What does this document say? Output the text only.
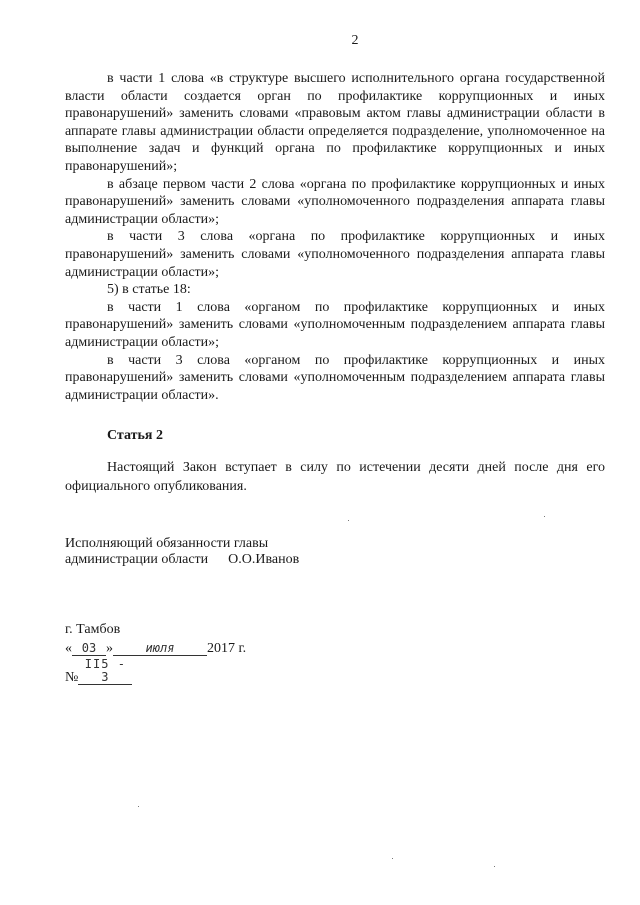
2

в части 1 слова «в структуре высшего исполнительного органа государственной власти области создается орган по профилактике коррупционных и иных правонарушений» заменить словами «правовым актом главы администрации области в аппарате главы администрации области определяется подразделение, уполномоченное на выполнение задач и функций органа по профилактике коррупционных и иных правонарушений»;

в абзаце первом части 2 слова «органа по профилактике коррупционных и иных правонарушений» заменить словами «уполномоченного подразделения аппарата главы администрации области»;

в части 3 слова «органа по профилактике коррупционных и иных правонарушений» заменить словами «уполномоченного подразделения аппарата главы администрации области»;

5) в статье 18:

в части 1 слова «органом по профилактике коррупционных и иных правонарушений» заменить словами «уполномоченным подразделением аппарата главы администрации области»;

в части 3 слова «органом по профилактике коррупционных и иных правонарушений» заменить словами «уполномоченным подразделением аппарата главы администрации области».

Статья 2
Настоящий Закон вступает в силу по истечении десяти дней после дня его официального опубликования.
Исполняющий обязанности главы
администрации области О.О.Иванов
г. Тамбов
« 03 »	июля 2017 г.
№II5 - З
